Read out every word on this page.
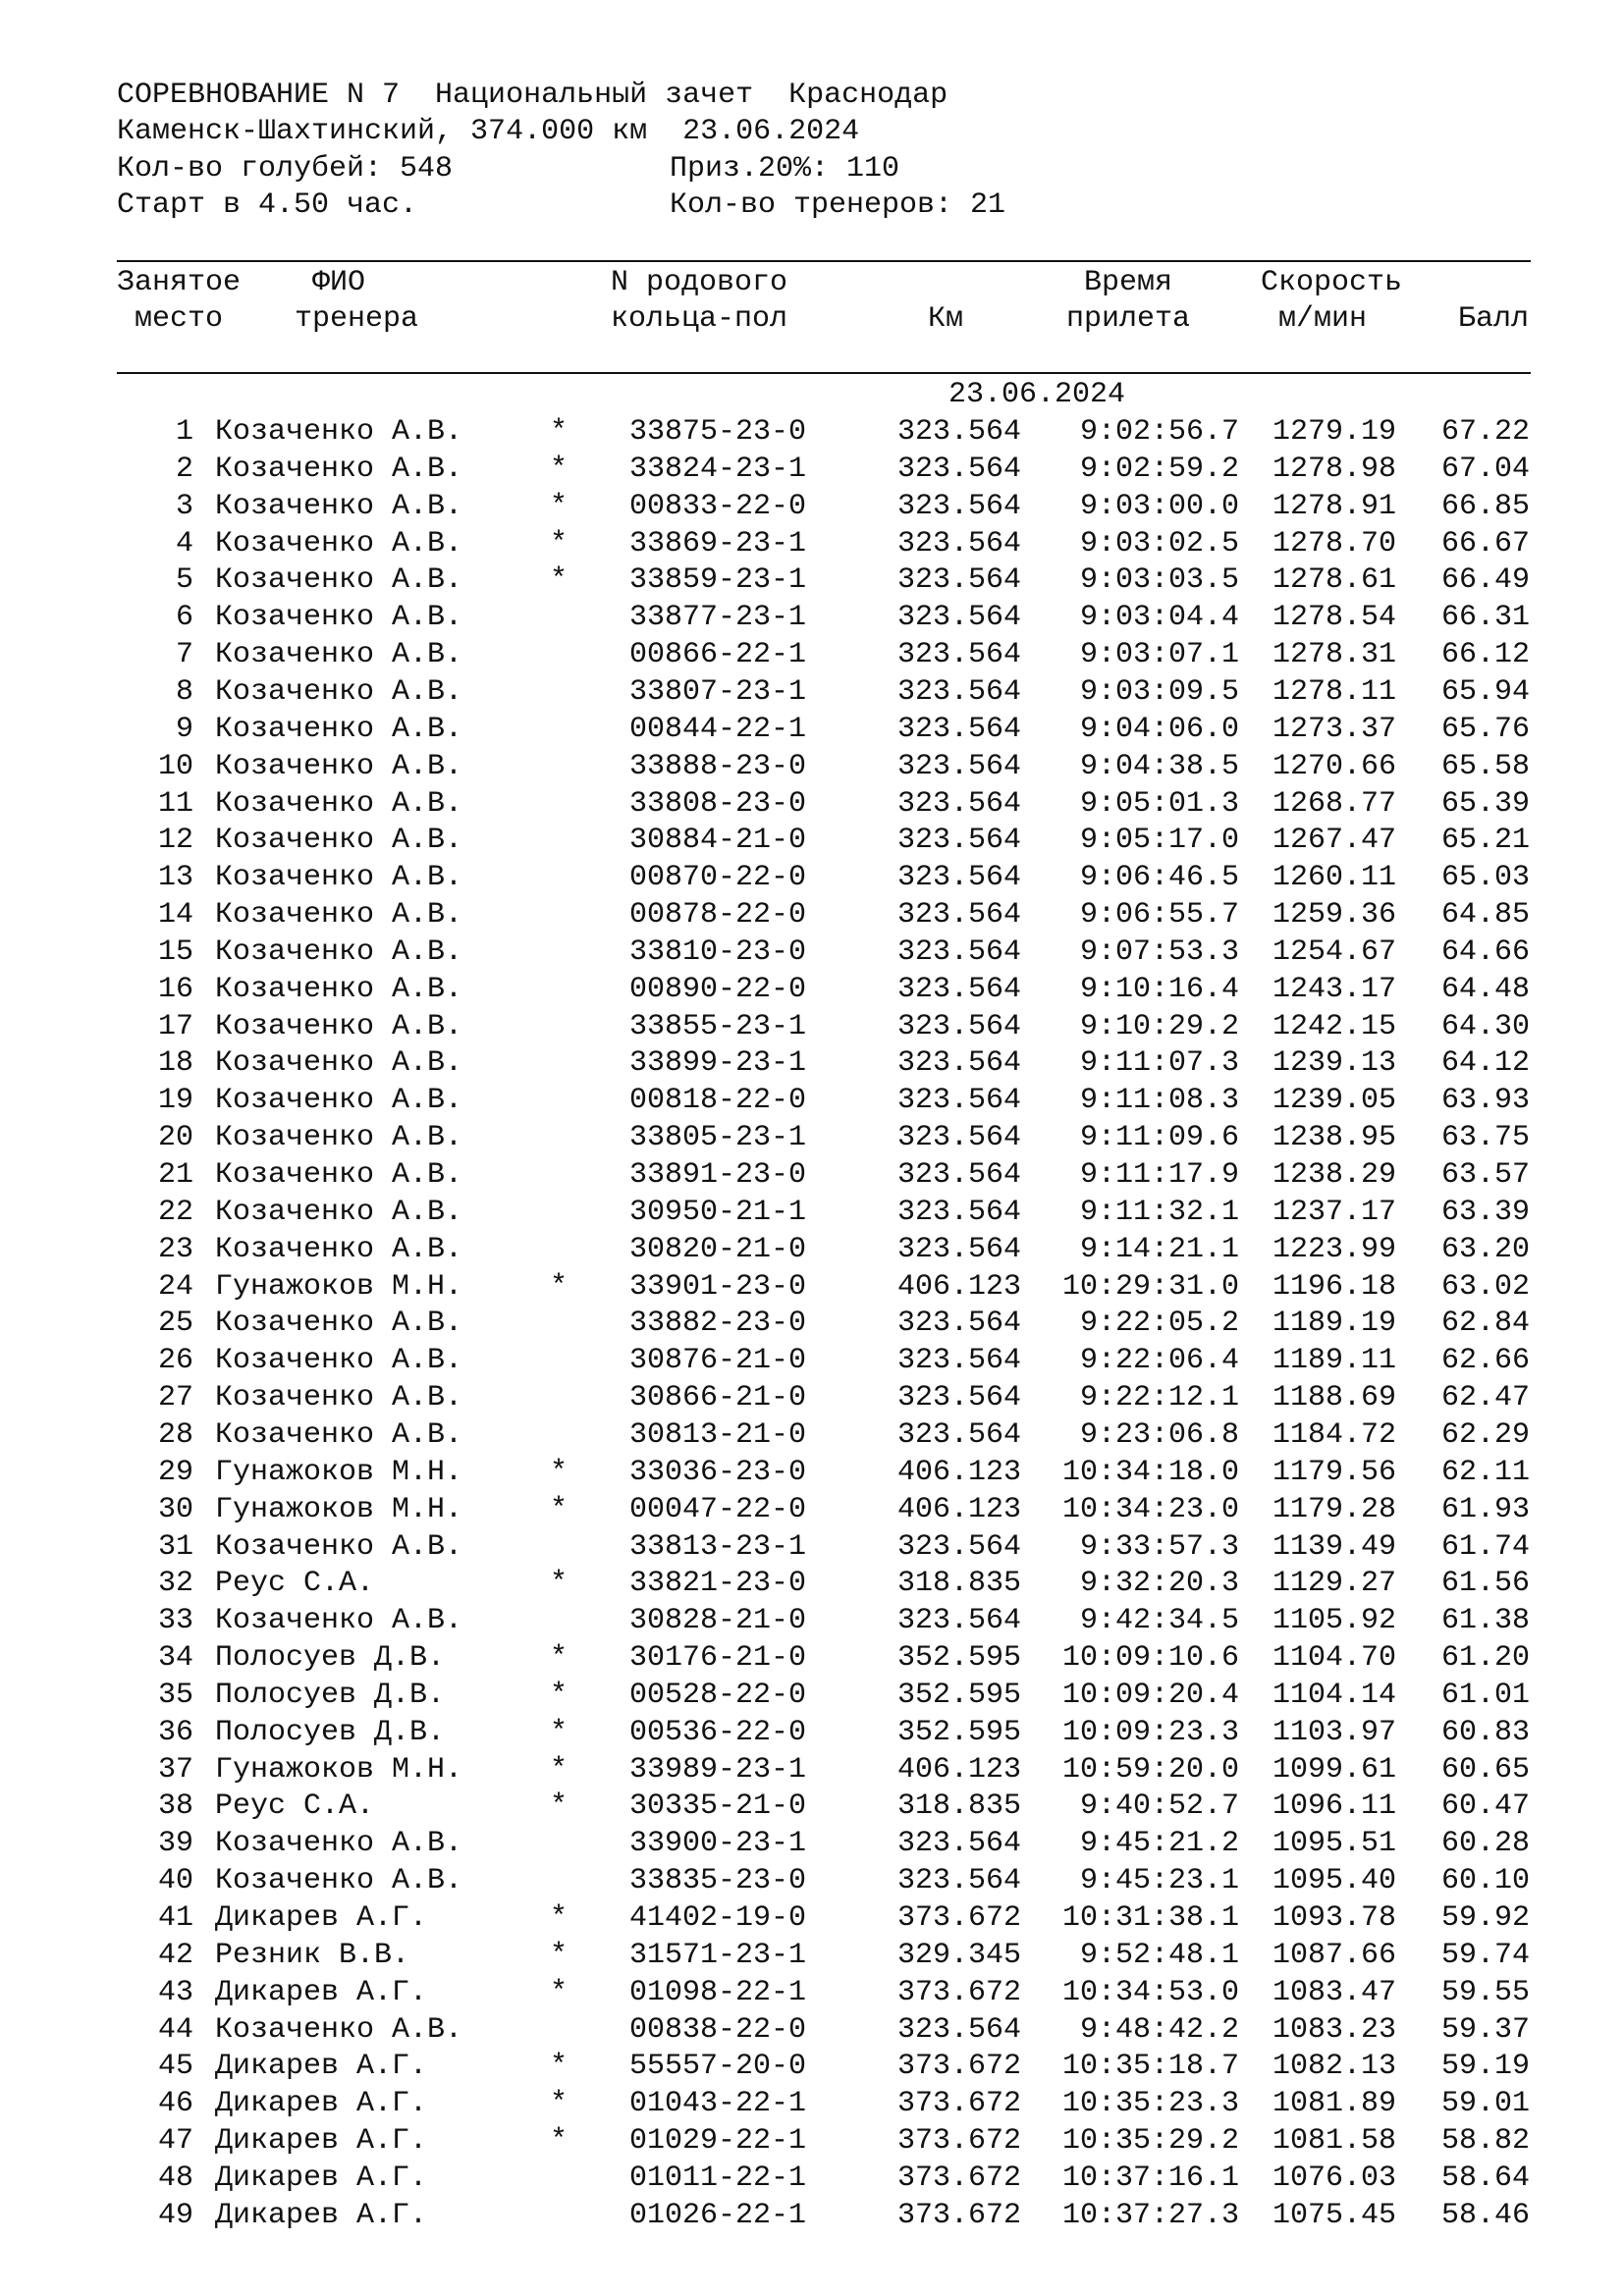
СОРЕВНОВАНИЕ N 7  Национальный зачет  Краснодар
Каменск-Шахтинский, 374.000 км  23.06.2024
Кол-во голубей: 548	Приз.20%: 110
Старт в 4.50 час.	Кол-во тренеров: 21
Занятое
место
ФИО
тренера
N родового
кольца-пол	Км
Время
прилета
Скорость
м/мин	Балл
23.06.2024
1 Козаченко А.В.	* 33875-23-0	323.564 9:02:56.7 1279.19 67.22
2 Козаченко А.В.	* 33824-23-1	323.564 9:02:59.2 1278.98 67.04
3 Козаченко А.В.	* 00833-22-0	323.564 9:03:00.0 1278.91 66.85
4 Козаченко А.В.	* 33869-23-1	323.564 9:03:02.5 1278.70 66.67
5 Козаченко А.В.	* 33859-23-1	323.564 9:03:03.5 1278.61 66.49
6 Козаченко А.В.	33877-23-1	323.564 9:03:04.4 1278.54 66.31
7 Козаченко А.В.	00866-22-1	323.564 9:03:07.1 1278.31 66.12
8 Козаченко А.В.	33807-23-1	323.564 9:03:09.5 1278.11 65.94
9 Козаченко А.В.	00844-22-1	323.564 9:04:06.0 1273.37 65.76
10 Козаченко А.В.	33888-23-0	323.564 9:04:38.5 1270.66 65.58
11 Козаченко А.В.	33808-23-0	323.564 9:05:01.3 1268.77 65.39
12 Козаченко А.В.	30884-21-0	323.564 9:05:17.0 1267.47 65.21
13 Козаченко А.В.	00870-22-0	323.564 9:06:46.5 1260.11 65.03
14 Козаченко А.В.	00878-22-0	323.564 9:06:55.7 1259.36 64.85
15 Козаченко А.В.	33810-23-0	323.564 9:07:53.3 1254.67 64.66
16 Козаченко А.В.	00890-22-0	323.564 9:10:16.4 1243.17 64.48
17 Козаченко А.В.	33855-23-1	323.564 9:10:29.2 1242.15 64.30
18 Козаченко А.В.	33899-23-1	323.564 9:11:07.3 1239.13 64.12
19 Козаченко А.В.	00818-22-0	323.564 9:11:08.3 1239.05 63.93
20 Козаченко А.В.	33805-23-1	323.564 9:11:09.6 1238.95 63.75
21 Козаченко А.В.	33891-23-0	323.564 9:11:17.9 1238.29 63.57
22 Козаченко А.В.	30950-21-1	323.564 9:11:32.1 1237.17 63.39
23 Козаченко А.В.	30820-21-0	323.564 9:14:21.1 1223.99 63.20
24 Гунажоков М.Н.	* 33901-23-0	406.123 10:29:31.0 1196.18 63.02
25 Козаченко А.В.	33882-23-0	323.564 9:22:05.2 1189.19 62.84
26 Козаченко А.В.	30876-21-0	323.564 9:22:06.4 1189.11 62.66
27 Козаченко А.В.	30866-21-0	323.564 9:22:12.1 1188.69 62.47
28 Козаченко А.В.	30813-21-0	323.564 9:23:06.8 1184.72 62.29
29 Гунажоков М.Н.	* 33036-23-0	406.123 10:34:18.0 1179.56 62.11
30 Гунажоков М.Н.	* 00047-22-0	406.123 10:34:23.0 1179.28 61.93
31 Козаченко А.В.	33813-23-1	323.564 9:33:57.3 1139.49 61.74
32 Реус С.А.	* 33821-23-0	318.835 9:32:20.3 1129.27 61.56
33 Козаченко А.В.	30828-21-0	323.564 9:42:34.5 1105.92 61.38
34 Полосуев Д.В.	* 30176-21-0	352.595 10:09:10.6 1104.70 61.20
35 Полосуев Д.В.	* 00528-22-0	352.595 10:09:20.4 1104.14 61.01
36 Полосуев Д.В.	* 00536-22-0	352.595 10:09:23.3 1103.97 60.83
37 Гунажоков М.Н.	* 33989-23-1	406.123 10:59:20.0 1099.61 60.65
38 Реус С.А.	* 30335-21-0	318.835 9:40:52.7 1096.11 60.47
39 Козаченко А.В.	33900-23-1	323.564 9:45:21.2 1095.51 60.28
40 Козаченко А.В.	33835-23-0	323.564 9:45:23.1 1095.40 60.10
41 Дикарев А.Г.	* 41402-19-0	373.672 10:31:38.1 1093.78 59.92
42 Резник В.В.	* 31571-23-1	329.345 9:52:48.1 1087.66 59.74
43 Дикарев А.Г.	* 01098-22-1	373.672 10:34:53.0 1083.47 59.55
44 Козаченко А.В.	00838-22-0	323.564 9:48:42.2 1083.23 59.37
45 Дикарев А.Г.	* 55557-20-0	373.672 10:35:18.7 1082.13 59.19
46 Дикарев А.Г.	* 01043-22-1	373.672 10:35:23.3 1081.89 59.01
47 Дикарев А.Г.	* 01029-22-1	373.672 10:35:29.2 1081.58 58.82
48 Дикарев А.Г.	01011-22-1	373.672 10:37:16.1 1076.03 58.64
49 Дикарев А.Г.	01026-22-1	373.672 10:37:27.3 1075.45 58.46
